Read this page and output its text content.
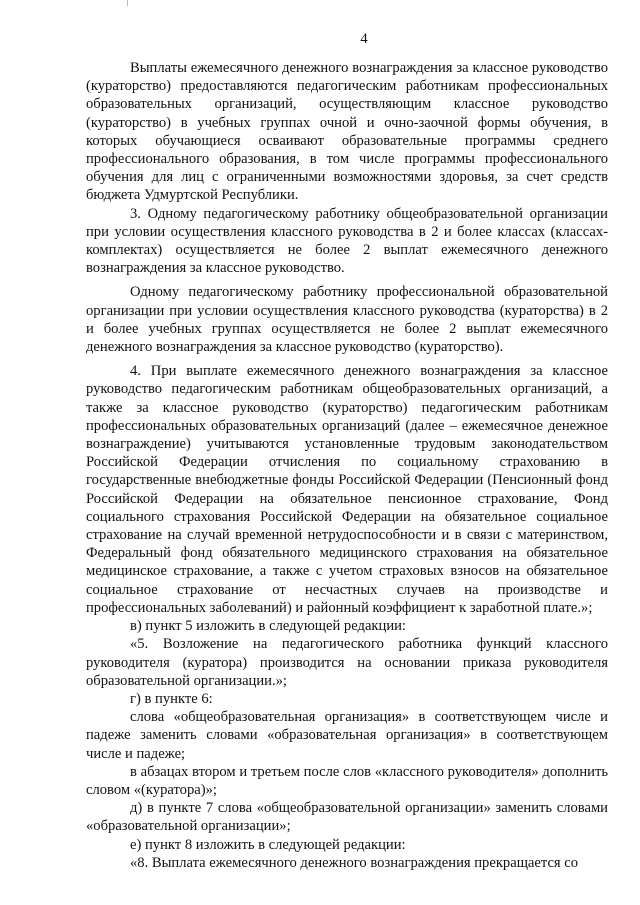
4

Выплаты ежемесячного денежного вознаграждения за классное руководство (кураторство) предоставляются педагогическим работникам профессиональных образовательных организаций, осуществляющим классное руководство (кураторство) в учебных группах очной и очно-заочной формы обучения, в которых обучающиеся осваивают образовательные программы среднего профессионального образования, в том числе программы профессионального обучения для лиц с ограниченными возможностями здоровья, за счет средств бюджета Удмуртской Республики.

3. Одному педагогическому работнику общеобразовательной организации при условии осуществления классного руководства в 2 и более классах (классах-комплектах) осуществляется не более 2 выплат ежемесячного денежного вознаграждения за классное руководство.

Одному педагогическому работнику профессиональной образовательной организации при условии осуществления классного руководства (кураторства) в 2 и более учебных группах осуществляется не более 2 выплат ежемесячного денежного вознаграждения за классное руководство (кураторство).

4. При выплате ежемесячного денежного вознаграждения за классное руководство педагогическим работникам общеобразовательных организаций, а также за классное руководство (кураторство) педагогическим работникам профессиональных образовательных организаций (далее – ежемесячное денежное вознаграждение) учитываются установленные трудовым законодательством Российской Федерации отчисления по социальному страхованию в государственные внебюджетные фонды Российской Федерации (Пенсионный фонд Российской Федерации на обязательное пенсионное страхование, Фонд социального страхования Российской Федерации на обязательное социальное страхование на случай временной нетрудоспособности и в связи с материнством, Федеральный фонд обязательного медицинского страхования на обязательное медицинское страхование, а также с учетом страховых взносов на обязательное социальное страхование от несчастных случаев на производстве и профессиональных заболеваний) и районный коэффициент к заработной плате.»;

в) пункт 5 изложить в следующей редакции:

«5. Возложение на педагогического работника функций классного руководителя (куратора) производится на основании приказа руководителя образовательной организации.»;

г) в пункте 6:

слова «общеобразовательная организация» в соответствующем числе и падеже заменить словами «образовательная организация» в соответствующем числе и падеже;

в абзацах втором и третьем после слов «классного руководителя» дополнить словом «(куратора)»;

д) в пункте 7 слова «общеобразовательной организации» заменить словами «образовательной организации»;

е) пункт 8 изложить в следующей редакции:

«8. Выплата ежемесячного денежного вознаграждения прекращается со
